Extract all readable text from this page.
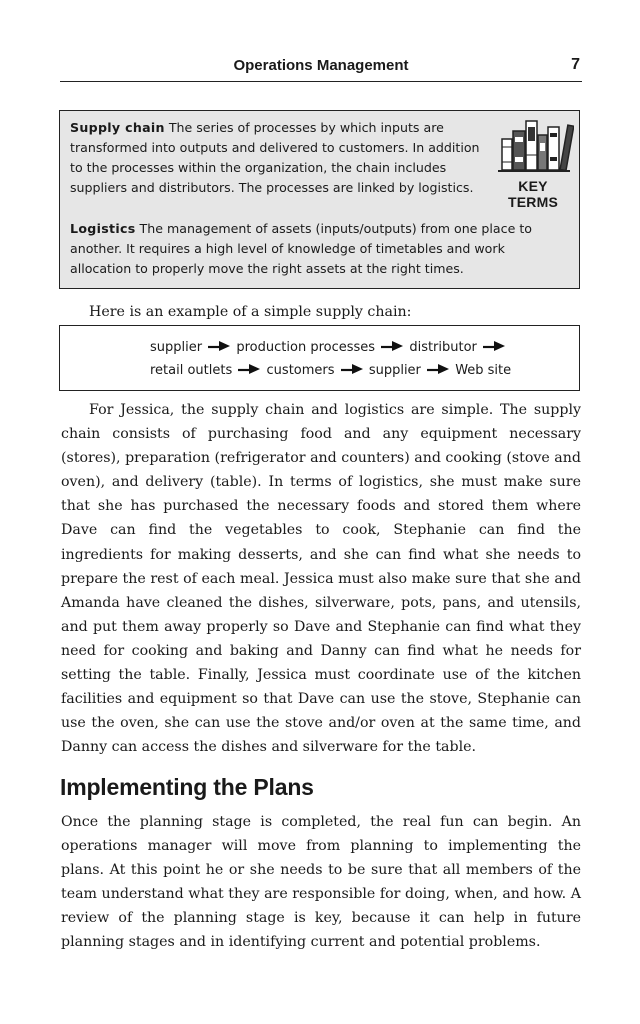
Operations Management	7

Supply chain The series of processes by which inputs are transformed into outputs and delivered to customers. In addition to the processes within the organization, the chain includes suppliers and distributors. The processes are linked by logistics.

Logistics The management of assets (inputs/outputs) from one place to another. It requires a high level of knowledge of timetables and work allocation to properly move the right assets at the right times.

KEY TERMS

Here is an example of a simple supply chain:

supplier	production processes	distributor
retail outlets	customers	supplier	Web site

For Jessica, the supply chain and logistics are simple. The supply chain consists of purchasing food and any equipment necessary (stores), preparation (refrigerator and counters) and cooking (stove and oven), and delivery (table). In terms of logistics, she must make sure that she has purchased the necessary foods and stored them where Dave can find the vegetables to cook, Stephanie can find the ingredients for making desserts, and she can find what she needs to prepare the rest of each meal. Jessica must also make sure that she and Amanda have cleaned the dishes, silverware, pots, pans, and utensils, and put them away properly so Dave and Stephanie can find what they need for cooking and baking and Danny can find what he needs for setting the table. Finally, Jessica must coordinate use of the kitchen facilities and equipment so that Dave can use the stove, Stephanie can use the oven, she can use the stove and/or oven at the same time, and Danny can access the dishes and silverware for the table.

Implementing the Plans

Once the planning stage is completed, the real fun can begin. An operations manager will move from planning to implementing the plans. At this point he or she needs to be sure that all members of the team understand what they are responsible for doing, when, and how. A review of the planning stage is key, because it can help in future planning stages and in identifying current and potential problems.
